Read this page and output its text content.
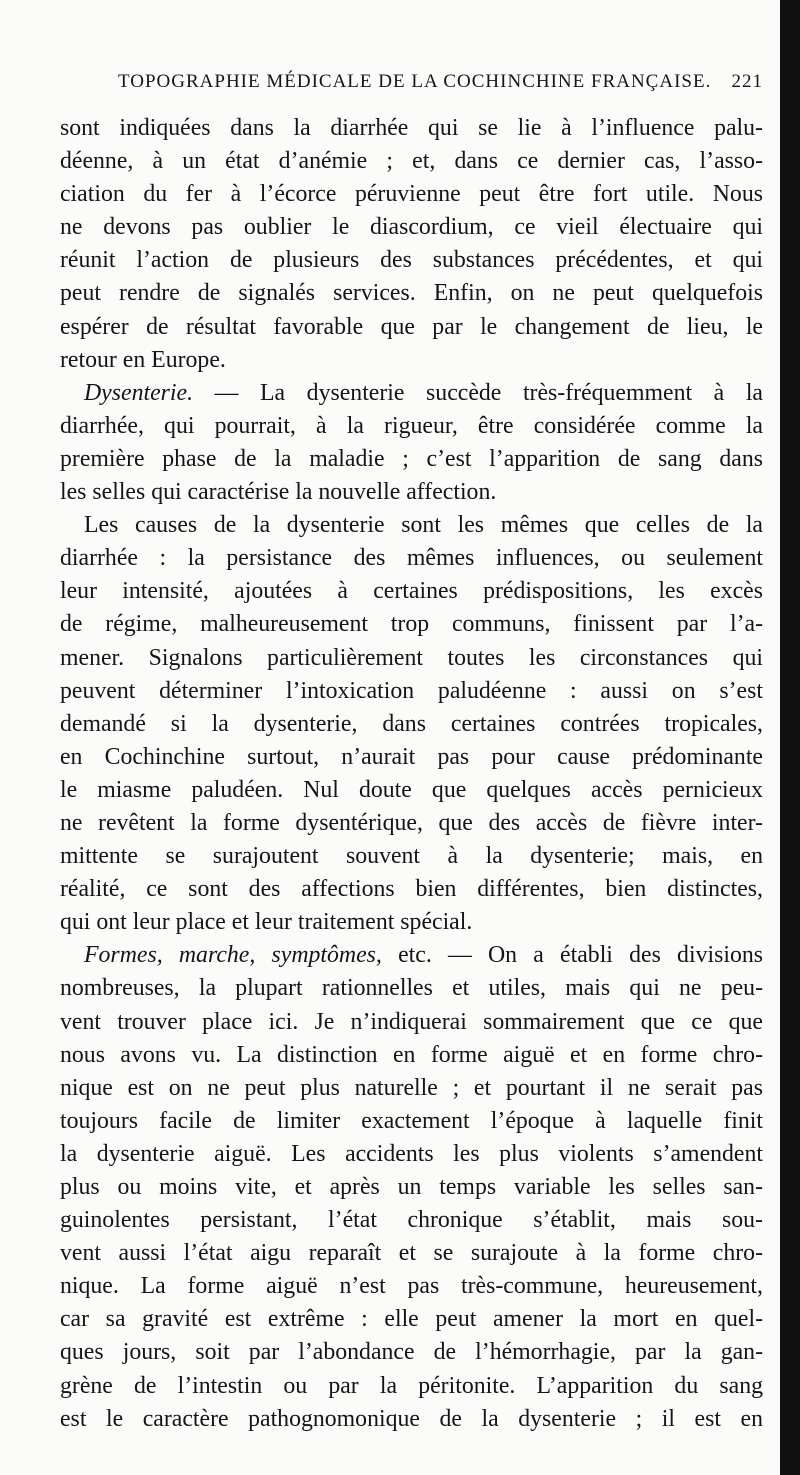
TOPOGRAPHIE MÉDICALE DE LA COCHINCHINE FRANÇAISE. 221
sont indiquées dans la diarrhée qui se lie à l’influence palu-
déenne, à un état d’anémie ; et, dans ce dernier cas, l’asso-
ciation du fer à l’écorce péruvienne peut être fort utile. Nous
ne devons pas oublier le diascordium, ce vieil électuaire qui
réunit l’action de plusieurs des substances précédentes, et qui
peut rendre de signalés services. Enfin, on ne peut quelquefois
espérer de résultat favorable que par le changement de lieu, le
retour en Europe.
Dysenterie. — La dysenterie succède très-fréquemment à la
diarrhée, qui pourrait, à la rigueur, être considérée comme la
première phase de la maladie ; c’est l’apparition de sang dans
les selles qui caractérise la nouvelle affection.
Les causes de la dysenterie sont les mêmes que celles de la
diarrhée : la persistance des mêmes influences, ou seulement
leur intensité, ajoutées à certaines prédispositions, les excès
de régime, malheureusement trop communs, finissent par l’a-
mener. Signalons particulièrement toutes les circonstances qui
peuvent déterminer l’intoxication paludéenne : aussi on s’est
demandé si la dysenterie, dans certaines contrées tropicales,
en Cochinchine surtout, n’aurait pas pour cause prédominante
le miasme paludéen. Nul doute que quelques accès pernicieux
ne revêtent la forme dysentérique, que des accès de fièvre inter-
mittente se surajoutent souvent à la dysenterie; mais, en
réalité, ce sont des affections bien différentes, bien distinctes,
qui ont leur place et leur traitement spécial.
Formes, marche, symptômes, etc. — On a établi des divisions
nombreuses, la plupart rationnelles et utiles, mais qui ne peu-
vent trouver place ici. Je n’indiquerai sommairement que ce que
nous avons vu. La distinction en forme aiguë et en forme chro-
nique est on ne peut plus naturelle ; et pourtant il ne serait pas
toujours facile de limiter exactement l’époque à laquelle finit
la dysenterie aiguë. Les accidents les plus violents s’amendent
plus ou moins vite, et après un temps variable les selles san-
guinolentes persistant, l’état chronique s’établit, mais sou-
vent aussi l’état aigu reparaît et se surajoute à la forme chro-
nique. La forme aiguë n’est pas très-commune, heureusement,
car sa gravité est extrême : elle peut amener la mort en quel-
ques jours, soit par l’abondance de l’hémorrhagie, par la gan-
grène de l’intestin ou par la péritonite. L’apparition du sang
est le caractère pathognomonique de la dysenterie ; il est en
